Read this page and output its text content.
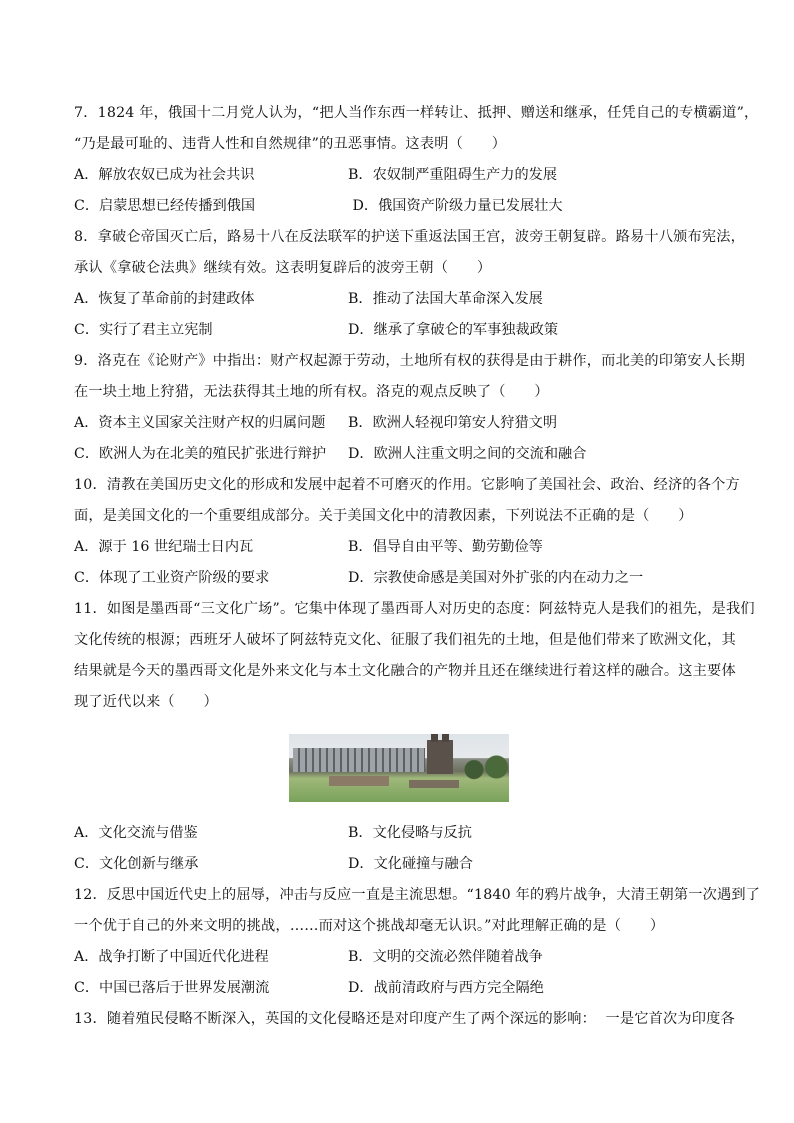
7．1824 年，俄国十二月党人认为，“把人当作东西一样转让、抵押、赠送和继承，任凭自己的专横霸道”，
“乃是最可耻的、违背人性和自然规律”的丑恶事情。这表明（　　）
A．解放农奴已成为社会共识	B．农奴制严重阻碍生产力的发展
C．启蒙思想已经传播到俄国	D．俄国资产阶级力量已发展壮大
8．拿破仑帝国灭亡后，路易十八在反法联军的护送下重返法国王宫，波旁王朝复辟。路易十八颁布宪法，
承认《拿破仑法典》继续有效。这表明复辟后的波旁王朝（　　）
A．恢复了革命前的封建政体	B．推动了法国大革命深入发展
C．实行了君主立宪制	D．继承了拿破仑的军事独裁政策
9．洛克在《论财产》中指出：财产权起源于劳动，土地所有权的获得是由于耕作，而北美的印第安人长期
在一块土地上狩猎，无法获得其土地的所有权。洛克的观点反映了（　　）
A．资本主义国家关注财产权的归属问题	B．欧洲人轻视印第安人狩猎文明
C．欧洲人为在北美的殖民扩张进行辩护	D．欧洲人注重文明之间的交流和融合
10．清教在美国历史文化的形成和发展中起着不可磨灭的作用。它影响了美国社会、政治、经济的各个方
面，是美国文化的一个重要组成部分。关于美国文化中的清教因素，下列说法不正确的是（　　）
A．源于 16 世纪瑞士日内瓦	B．倡导自由平等、勤劳勤俭等
C．体现了工业资产阶级的要求	D．宗教使命感是美国对外扩张的内在动力之一
11．如图是墨西哥“三文化广场”。它集中体现了墨西哥人对历史的态度：阿兹特克人是我们的祖先，是我们
文化传统的根源；西班牙人破坏了阿兹特克文化、征服了我们祖先的土地，但是他们带来了欧洲文化，其
结果就是今天的墨西哥文化是外来文化与本土文化融合的产物并且还在继续进行着这样的融合。这主要体
现了近代以来（　　）
A．文化交流与借鉴	B．文化侵略与反抗
C．文化创新与继承	D．文化碰撞与融合
12．反思中国近代史上的屈辱，冲击与反应一直是主流思想。“1840 年的鸦片战争，大清王朝第一次遇到了
一个优于自己的外来文明的挑战，……而对这个挑战却毫无认识。”对此理解正确的是（　　）
A．战争打断了中国近代化进程	B．文明的交流必然伴随着战争
C．中国已落后于世界发展潮流	D．战前清政府与西方完全隔绝
13．随着殖民侵略不断深入，英国的文化侵略还是对印度产生了两个深远的影响：  一是它首次为印度各
